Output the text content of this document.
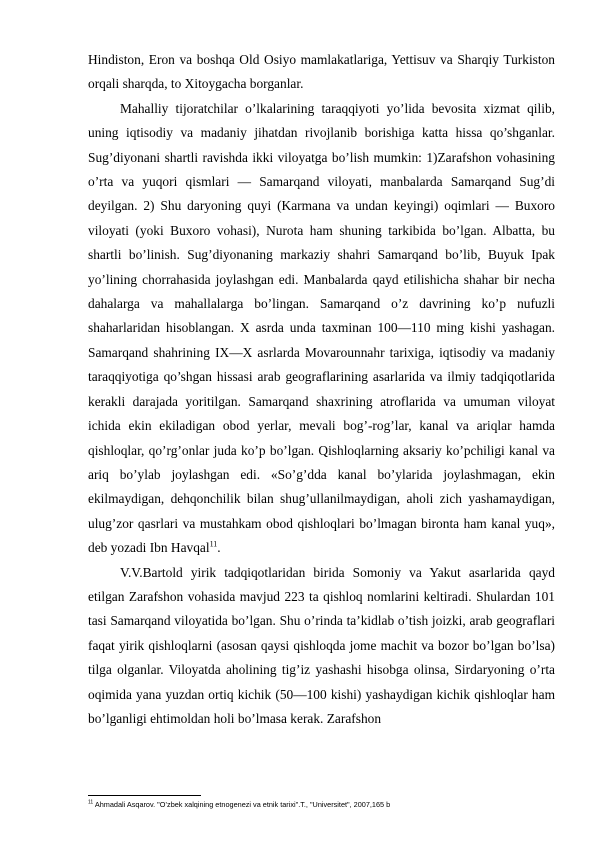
Hindiston, Eron va boshqa Old Osiyo mamlakatlariga, Yettisuv va Sharqiy Turkiston orqali sharqda, to Xitoygacha borganlar.

Mahalliy tijoratchilar o’lkalarining taraqqiyoti yo’lida bevosita xizmat qilib, uning iqtisodiy va madaniy jihatdan rivojlanib borishiga katta hissa qo’shganlar. Sug’diyonani shartli ravishda ikki viloyatga bo’lish mumkin: 1)Zarafshon vohasining o’rta va yuqori qismlari — Samarqand viloyati, manbalarda Samarqand Sug’di deyilgan. 2) Shu daryoning quyi (Karmana va undan keyingi) oqimlari — Buxoro viloyati (yoki Buxoro vohasi), Nurota ham shuning tarkibida bo’lgan. Albatta, bu shartli bo’linish. Sug’diyonaning markaziy shahri Samarqand bo’lib, Buyuk Ipak yo’lining chorrahasida joylashgan edi. Manbalarda qayd etilishicha shahar bir necha dahalarga va mahallalarga bo’lingan. Samarqand o’z davrining ko’p nufuzli shaharlaridan hisoblangan. X asrda unda taxminan 100—110 ming kishi yashagan. Samarqand shahrining IX—X asrlarda Movarounnahr tarixiga, iqtisodiy va madaniy taraqqiyotiga qo’shgan hissasi arab geograflarining asarlarida va ilmiy tadqiqotlarida kerakli darajada yoritilgan. Samarqand shaxrining atroflarida va umuman viloyat ichida ekin ekiladigan obod yerlar, mevali bog’-rog’lar, kanal va ariqlar hamda qishloqlar, qo’rg’onlar juda ko’p bo’lgan. Qishloqlarning aksariy ko’pchiligi kanal va ariq bo’ylab joylashgan edi. «So’g’dda kanal bo’ylarida joylashmagan, ekin ekilmaydigan, dehqonchilik bilan shug’ullanilmaydigan, aholi zich yashamaydigan, ulug’zor qasrlari va mustahkam obod qishloqlari bo’lmagan bironta ham kanal yuq», deb yozadi Ibn Havqal$^{11}$.

V.V.Bartold yirik tadqiqotlaridan birida Somoniy va Yakut asarlarida qayd etilgan Zarafshon vohasida mavjud 223 ta qishloq nomlarini keltiradi. Shulardan 101 tasi Samarqand viloyatida bo’lgan. Shu o’rinda ta’kidlab o’tish joizki, arab geograflari faqat yirik qishloqlarni (asosan qaysi qishloqda jome machit va bozor bo’lgan bo’lsa) tilga olganlar. Viloyatda aholining tig’iz yashashi hisobga olinsa, Sirdaryoning o’rta oqimida yana yuzdan ortiq kichik (50—100 kishi) yashaydigan kichik qishloqlar ham bo’lganligi ehtimoldan holi bo’lmasa kerak. Zarafshon

$^{11}$ Ahmadali Asqarov. "O’zbek xalqining etnogenezi va etnik tarixi".T., "Universitet", 2007,165 b
